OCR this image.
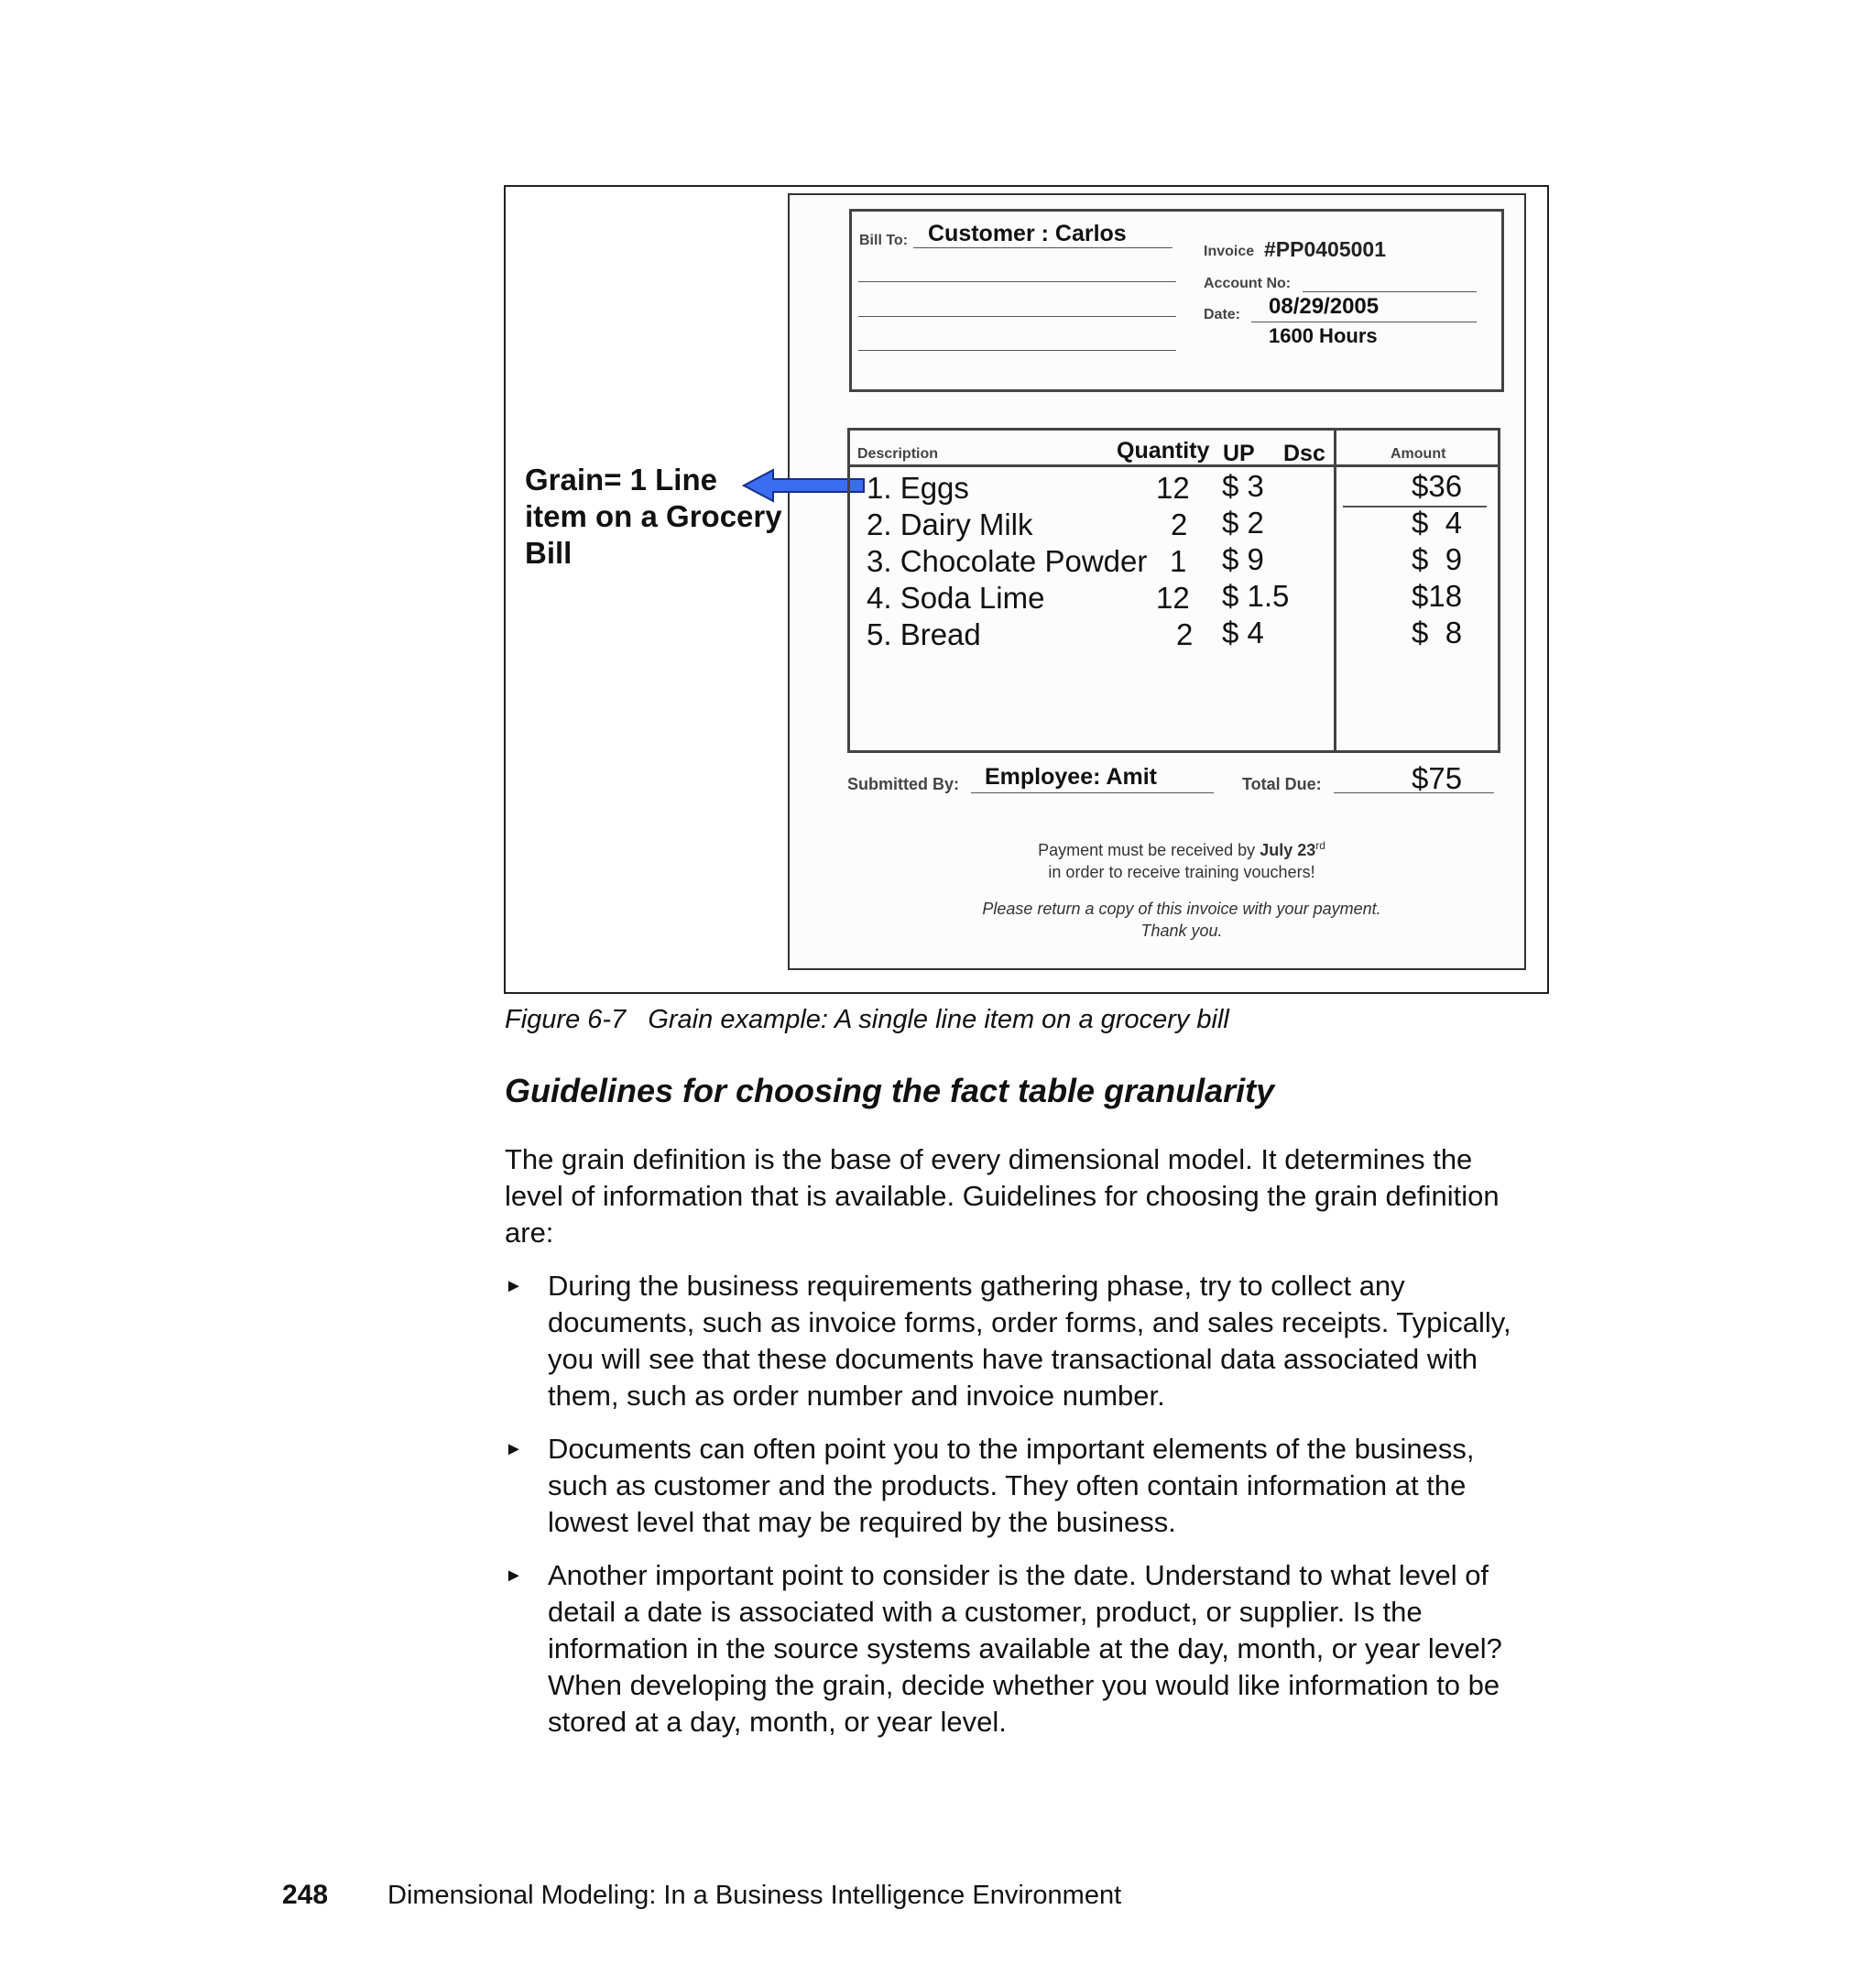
Grain= 1 Line
item on a Grocery
Bill
Bill To: Customer : Carlos
Invoice #PP0405001
Account No:
Date: 08/29/2005
1600 Hours
Description	Quantity UP Dsc	Amount
1. Eggs	12 $ 3	$36
2. Dairy Milk	2 $ 2	$  4
3. Chocolate Powder 1 $ 9	$  9
4. Soda Lime	12 $ 1.5	$18
5. Bread	2 $ 4	$  8
Submitted By: Employee: Amit	Total Due:	$75
Payment must be received by July 23rd
in order to receive training vouchers!
Please return a copy of this invoice with your payment.
Thank you.
Figure 6-7   Grain example: A single line item on a grocery bill
Guidelines for choosing the fact table granularity
The grain definition is the base of every dimensional model. It determines the
level of information that is available. Guidelines for choosing the grain definition
are:
► During the business requirements gathering phase, try to collect any
documents, such as invoice forms, order forms, and sales receipts. Typically,
you will see that these documents have transactional data associated with
them, such as order number and invoice number.
► Documents can often point you to the important elements of the business,
such as customer and the products. They often contain information at the
lowest level that may be required by the business.
► Another important point to consider is the date. Understand to what level of
detail a date is associated with a customer, product, or supplier. Is the
information in the source systems available at the day, month, or year level?
When developing the grain, decide whether you would like information to be
stored at a day, month, or year level.
248 Dimensional Modeling: In a Business Intelligence Environment
